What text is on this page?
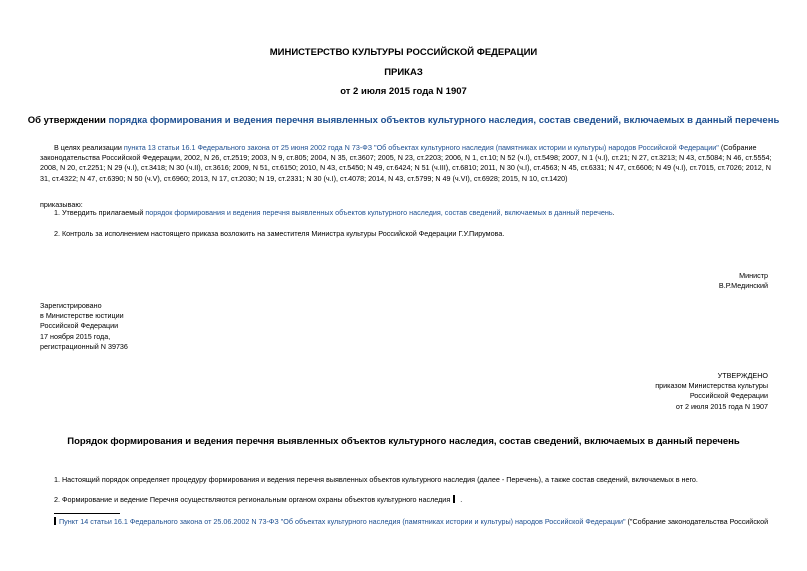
МИНИСТЕРСТВО КУЛЬТУРЫ РОССИЙСКОЙ ФЕДЕРАЦИИ
ПРИКАЗ
от 2 июля 2015 года N 1907
Об утверждении порядка формирования и ведения перечня выявленных объектов культурного наследия, состав сведений, включаемых в данный перечень
В целях реализации пункта 13 статьи 16.1 Федерального закона от 25 июня 2002 года N 73-ФЗ "Об объектах культурного наследия (памятниках истории и культуры) народов Российской Федерации" (Собрание законодательства Российской Федерации, 2002, N 26, ст.2519; 2003, N 9, ст.805; 2004, N 35, ст.3607; 2005, N 23, ст.2203; 2006, N 1, ст.10; N 52 (ч.I), ст.5498; 2007, N 1 (ч.I), ст.21; N 27, ст.3213; N 43, ст.5084; N 46, ст.5554; 2008, N 20, ст.2251; N 29 (ч.I), ст.3418; N 30 (ч.II), ст.3616; 2009, N 51, ст.6150; 2010, N 43, ст.5450; N 49, ст.6424; N 51 (ч.III), ст.6810; 2011, N 30 (ч.I), ст.4563; N 45, ст.6331; N 47, ст.6606; N 49 (ч.I), ст.7015, ст.7026; 2012, N 31, ст.4322; N 47, ст.6390; N 50 (ч.V), ст.6960; 2013, N 17, ст.2030; N 19, ст.2331; N 30 (ч.I), ст.4078; 2014, N 43, ст.5799; N 49 (ч.VI), ст.6928; 2015, N 10, ст.1420)
приказываю:
1. Утвердить прилагаемый порядок формирования и ведения перечня выявленных объектов культурного наследия, состав сведений, включаемых в данный перечень.
2. Контроль за исполнением настоящего приказа возложить на заместителя Министра культуры Российской Федерации Г.У.Пирумова.
Министр
В.Р.Мединский
Зарегистрировано
в Министерстве юстиции
Российской Федерации
17 ноября 2015 года,
регистрационный N 39736
УТВЕРЖДЕНО
приказом Министерства культуры
Российской Федерации
от 2 июля 2015 года N 1907
Порядок формирования и ведения перечня выявленных объектов культурного наследия, состав сведений, включаемых в данный перечень
1. Настоящий порядок определяет процедуру формирования и ведения перечня выявленных объектов культурного наследия (далее - Перечень), а также состав сведений, включаемых в него.
2. Формирование и ведение Перечня осуществляются региональным органом охраны объектов культурного наследия .
Пункт 14 статьи 16.1 Федерального закона от 25.06.2002 N 73-ФЗ "Об объектах культурного наследия (памятниках истории и культуры) народов Российской Федерации" ("Собрание законодательства Российской
